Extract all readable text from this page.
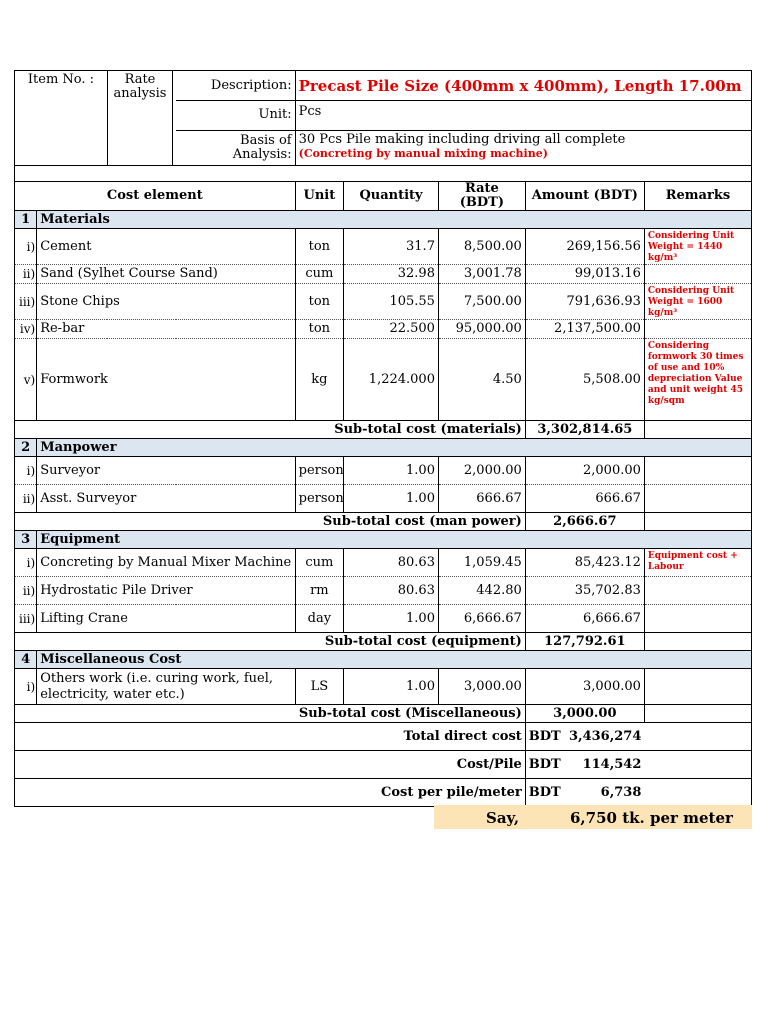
Item No. : Rate analysis		Description:	Precast Pile Size (400mm x 400mm), Length 17.00m				
		Unit:	Pcs				
		Basis of Analysis:	30 Pcs Pile making including driving all complete
(Concreting by manual mixing machine)				

Cost element			Unit	Quantity	Rate (BDT)	Amount (BDT)	Remarks
1	Materials						
i)	Cement		ton	31.7	8,500.00	269,156.56	Considering Unit Weight = 1440 kg/m³
ii)	Sand (Sylhet Course Sand)		cum	32.98	3,001.78	99,013.16	
iii)	Stone Chips		ton	105.55	7,500.00	791,636.93	Considering Unit Weight = 1600 kg/m³
iv)	Re-bar		ton	22.500	95,000.00	2,137,500.00	
v)	Formwork		kg	1,224.000	4.50	5,508.00	Considering formwork 30 times of use and 10% depreciation Value and unit weight 45 kg/sqm
Sub-total cost (materials)						3,302,814.65	
2	Manpower						
i)	Surveyor		person	1.00	2,000.00	2,000.00	
ii)	Asst. Surveyor		person	1.00	666.67	666.67	
Sub-total cost (man power)						2,666.67	
3	Equipment						
i)	Concreting by Manual Mixer Machine		cum	80.63	1,059.45	85,423.12	Equipment cost + Labour
ii)	Hydrostatic Pile Driver		rm	80.63	442.80	35,702.83	
iii)	Lifting Crane		day	1.00	6,666.67	6,666.67	
Sub-total cost (equipment)						127,792.61	
4	Miscellaneous Cost						
i)	Others work (i.e. curing work, fuel, electricity, water etc.)		LS	1.00	3,000.00	3,000.00	
Sub-total cost (Miscellaneous)						3,000.00	
Total direct cost						BDT 3,436,274	

Cost/Pile						BDT 114,542	

Cost per pile/meter						BDT 6,738	

Say,	6,750 tk. per meter
